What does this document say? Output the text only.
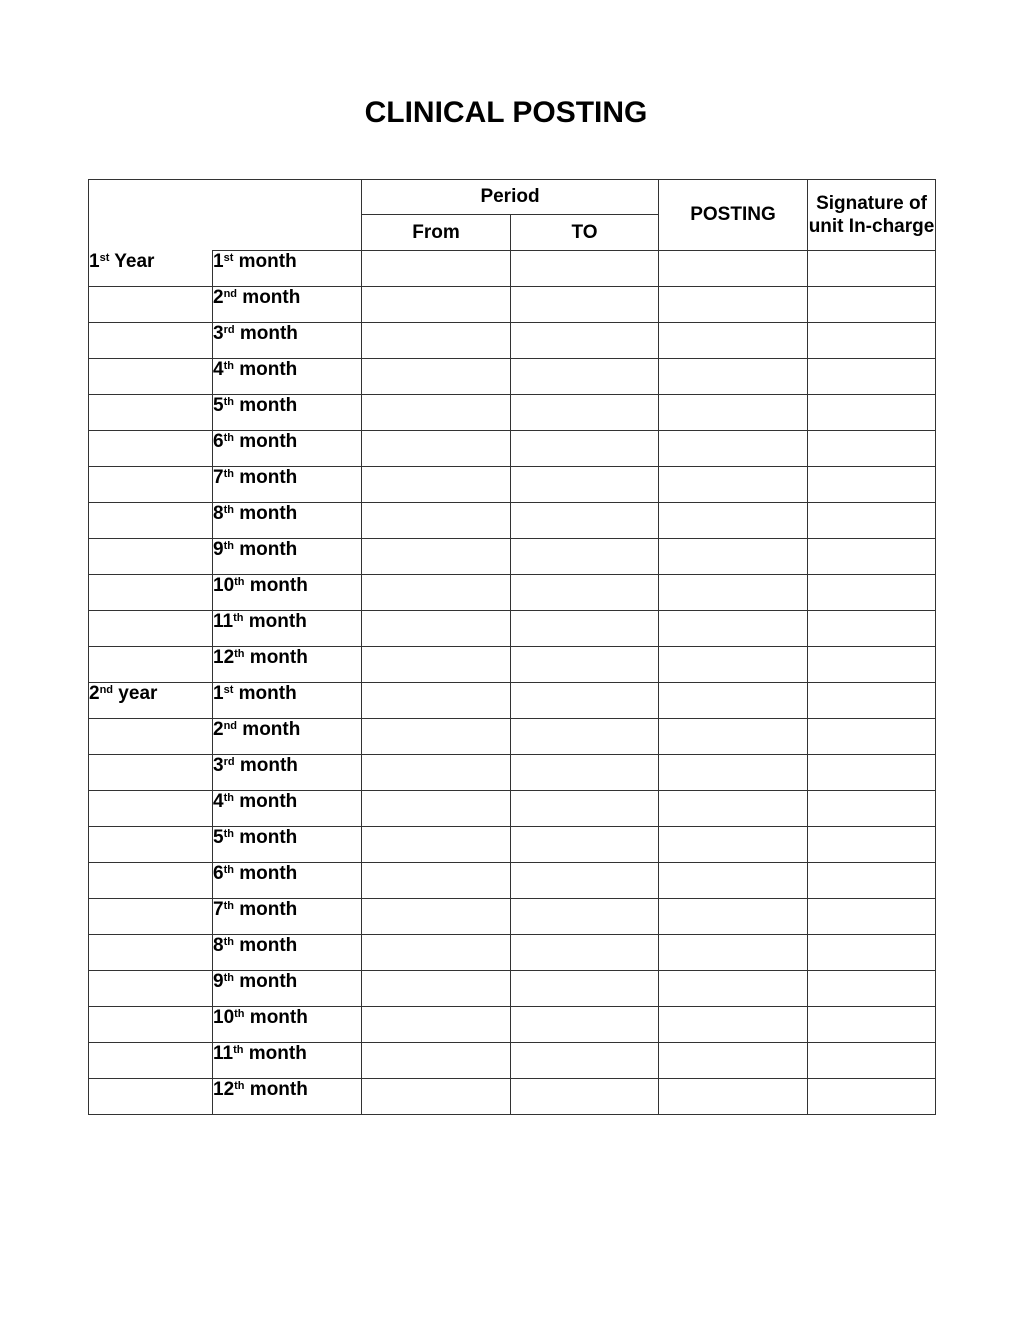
CLINICAL POSTING
		Period		POSTING	Signature of unit In-charge
		From	TO		
1st Year	1st month				
	2nd month				
	3rd month				
	4th month				
	5th month				
	6th month				
	7th month				
	8th month				
	9th month				
	10th month				
	11th month				
	12th month				
2nd year	1st month				
	2nd month				
	3rd month				
	4th month				
	5th month				
	6th month				
	7th month				
	8th month				
	9th month				
	10th month				
	11th month				
	12th month				
